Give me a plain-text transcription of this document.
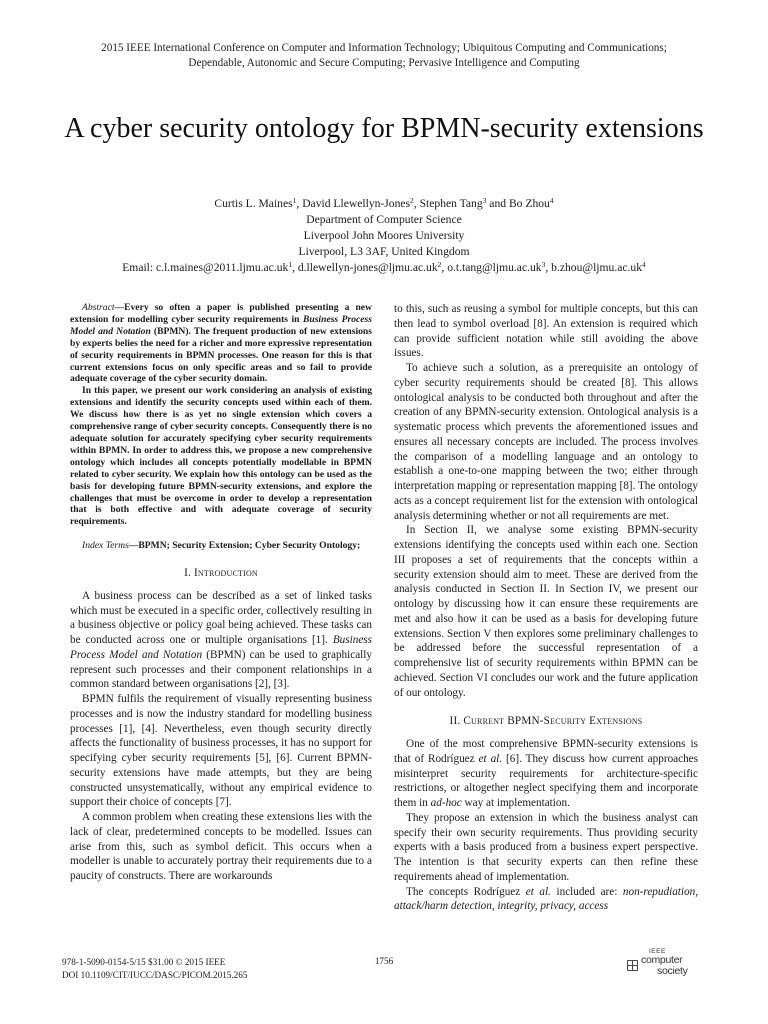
2015 IEEE International Conference on Computer and Information Technology; Ubiquitous Computing and Communications;
Dependable, Autonomic and Secure Computing; Pervasive Intelligence and Computing
A cyber security ontology for BPMN-security extensions
Curtis L. Maines$^1$, David Llewellyn-Jones$^2$, Stephen Tang$^3$ and Bo Zhou$^4$
Department of Computer Science
Liverpool John Moores University
Liverpool, L3 3AF, United Kingdom
Email: $c.l.maines@2011.ljmu.ac.uk^1$, $d.llewellyn-jones@ljmu.ac.uk^2$, $o.t.\tan g@ljmu.ac.uk^3$, $b.zhou@ljmu.ac.uk^4$

Abstract—Every so often a paper is published presenting a new extension for modelling cyber security requirements in Business Process Model and Notation (BPMN). The frequent production of new extensions by experts belies the need for a richer and more expressive representation of security requirements in BPMN processes. One reason for this is that current extensions focus on only specific areas and so fail to provide adequate coverage of the cyber security domain.

In this paper, we present our work considering an analysis of existing extensions and identify the security concepts used within each of them. We discuss how there is as yet no single extension which covers a comprehensive range of cyber security concepts. Consequently there is no adequate solution for accurately specifying cyber security requirements within BPMN. In order to address this, we propose a new comprehensive ontology which includes all concepts potentially modellable in BPMN related to cyber security. We explain how this ontology can be used as the basis for developing future BPMN-security extensions, and explore the challenges that must be overcome in order to develop a representation that is both effective and with adequate coverage of security requirements.

Index Terms—BPMN; Security Extension; Cyber Security Ontology;

I. Introduction

A business process can be described as a set of linked tasks which must be executed in a specific order, collectively resulting in a business objective or policy goal being achieved. These tasks can be conducted across one or multiple organisations [1]. Business Process Model and Notation (BPMN) can be used to graphically represent such processes and their component relationships in a common standard between organisations [2], [3].

BPMN fulfils the requirement of visually representing business processes and is now the industry standard for modelling business processes [1], [4]. Nevertheless, even though security directly affects the functionality of business processes, it has no support for specifying cyber security requirements [5], [6]. Current BPMN-security extensions have made attempts, but they are being constructed unsystematically, without any empirical evidence to support their choice of concepts [7].

A common problem when creating these extensions lies with the lack of clear, predetermined concepts to be modelled. Issues can arise from this, such as symbol deficit. This occurs when a modeller is unable to accurately portray their requirements due to a paucity of constructs. There are workarounds

to this, such as reusing a symbol for multiple concepts, but this can then lead to symbol overload [8]. An extension is required which can provide sufficient notation while still avoiding the above issues.

To achieve such a solution, as a prerequisite an ontology of cyber security requirements should be created [8]. This allows ontological analysis to be conducted both throughout and after the creation of any BPMN-security extension. Ontological analysis is a systematic process which prevents the aforementioned issues and ensures all necessary concepts are included. The process involves the comparison of a modelling language and an ontology to establish a one-to-one mapping between the two; either through interpretation mapping or representation mapping [8]. The ontology acts as a concept requirement list for the extension with ontological analysis determining whether or not all requirements are met.

In Section II, we analyse some existing BPMN-security extensions identifying the concepts used within each one. Section III proposes a set of requirements that the concepts within a security extension should aim to meet. These are derived from the analysis conducted in Section II. In Section IV, we present our ontology by discussing how it can ensure these requirements are met and also how it can be used as a basis for developing future extensions. Section V then explores some preliminary challenges to be addressed before the successful representation of a comprehensive list of security requirements within BPMN can be achieved. Section VI concludes our work and the future application of our ontology.

II. Current BPMN-Security Extensions

One of the most comprehensive BPMN-security extensions is that of Rodríguez et al. [6]. They discuss how current approaches misinterpret security requirements for architecture-specific restrictions, or altogether neglect specifying them and incorporate them in ad-hoc way at implementation.

They propose an extension in which the business analyst can specify their own security requirements. Thus providing security experts with a basis produced from a business expert perspective. The intention is that security experts can then refine these requirements ahead of implementation.

The concepts Rodríguez et al. included are: non-repudiation, attack/harm detection, integrity, privacy, access

978-1-5090-0154-5/15 $31.00 © 2015 IEEE
DOI 10.1109/CIT/IUCC/DASC/PICOM.2015.265
1756
IEEE
computer
society
